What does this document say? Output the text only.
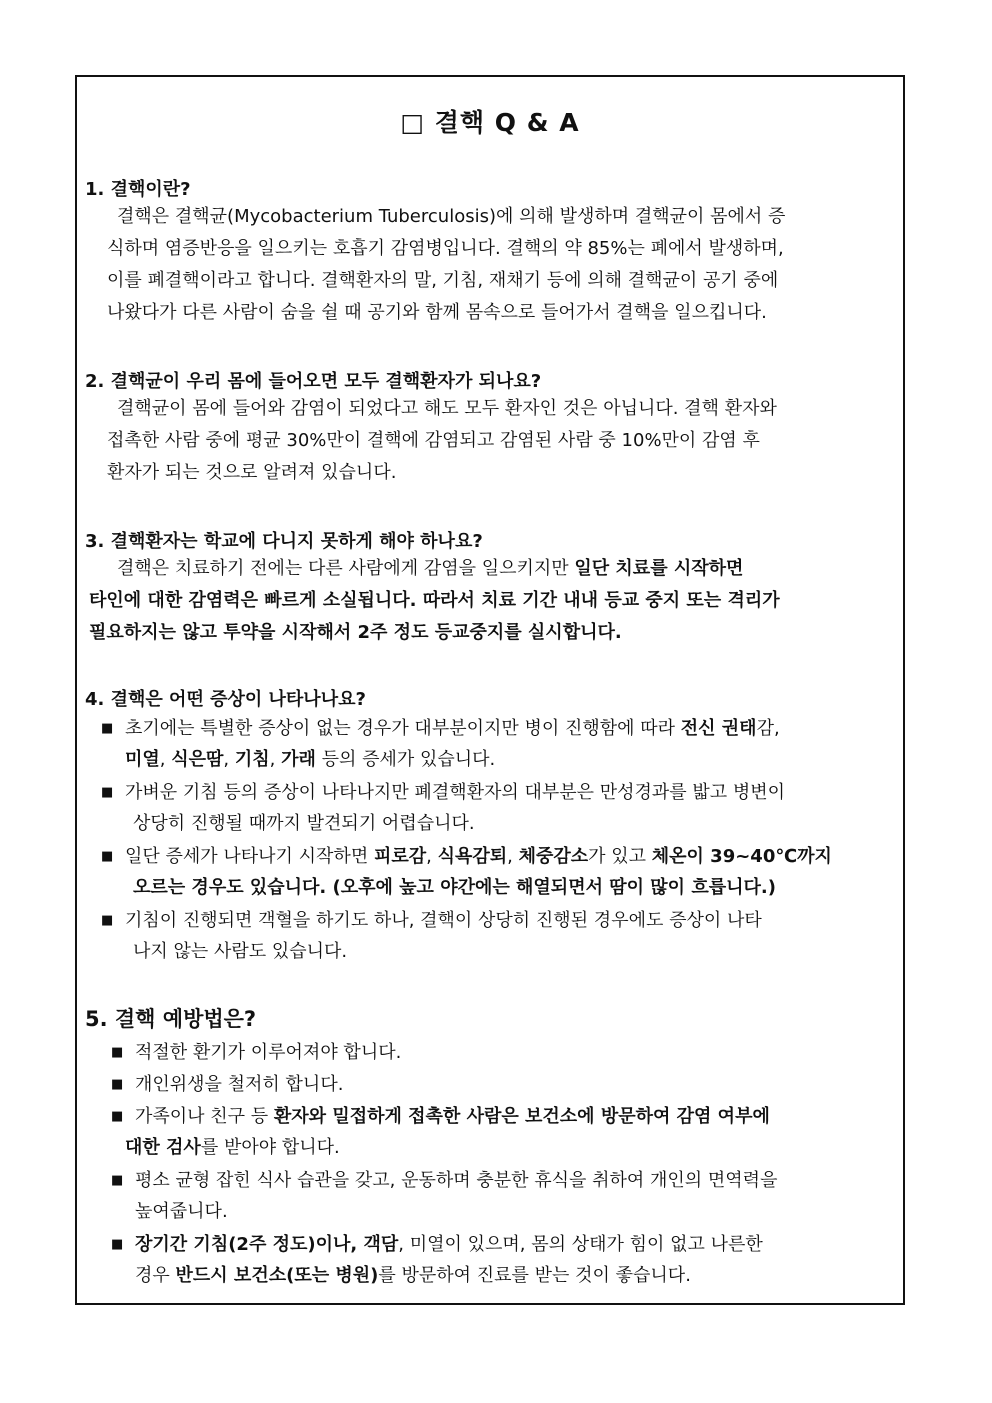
□ 결핵 Q & A
1. 결핵이란?
결핵은 결핵균(Mycobacterium Tuberculosis)에 의해 발생하며 결핵균이 몸에서 증
식하며 염증반응을 일으키는 호흡기 감염병입니다. 결핵의 약 85%는 폐에서 발생하며,
이를 폐결핵이라고 합니다. 결핵환자의 말, 기침, 재채기 등에 의해 결핵균이 공기 중에
나왔다가 다른 사람이 숨을 쉴 때 공기와 함께 몸속으로 들어가서 결핵을 일으킵니다.
2. 결핵균이 우리 몸에 들어오면 모두 결핵환자가 되나요?
결핵균이 몸에 들어와 감염이 되었다고 해도 모두 환자인 것은 아닙니다. 결핵 환자와
접촉한 사람 중에 평균 30%만이 결핵에 감염되고 감염된 사람 중 10%만이 감염 후
환자가 되는 것으로 알려져 있습니다.
3. 결핵환자는 학교에 다니지 못하게 해야 하나요?
결핵은 치료하기 전에는 다른 사람에게 감염을 일으키지만 일단 치료를 시작하면
타인에 대한 감염력은 빠르게 소실됩니다. 따라서 치료 기간 내내 등교 중지 또는 격리가
필요하지는 않고 투약을 시작해서 2주 정도 등교중지를 실시합니다.
4. 결핵은 어떤 증상이 나타나나요?
■ 초기에는 특별한 증상이 없는 경우가 대부분이지만 병이 진행함에 따라 전신 권태감,
미열, 식은땀, 기침, 가래 등의 증세가 있습니다.
■ 가벼운 기침 등의 증상이 나타나지만 폐결핵환자의 대부분은 만성경과를 밟고 병변이
상당히 진행될 때까지 발견되기 어렵습니다.
■ 일단 증세가 나타나기 시작하면 피로감, 식욕감퇴, 체중감소가 있고 체온이 39~40℃까지
오르는 경우도 있습니다. (오후에 높고 야간에는 해열되면서 땀이 많이 흐릅니다.)
■ 기침이 진행되면 객혈을 하기도 하나, 결핵이 상당히 진행된 경우에도 증상이 나타
나지 않는 사람도 있습니다.
5. 결핵 예방법은?
■ 적절한 환기가 이루어져야 합니다.
■ 개인위생을 철저히 합니다.
■ 가족이나 친구 등 환자와 밀접하게 접촉한 사람은 보건소에 방문하여 감염 여부에
대한 검사를 받아야 합니다.
■ 평소 균형 잡힌 식사 습관을 갖고, 운동하며 충분한 휴식을 취하여 개인의 면역력을
높여줍니다.
■ 장기간 기침(2주 정도)이나, 객담, 미열이 있으며, 몸의 상태가 힘이 없고 나른한
경우 반드시 보건소(또는 병원)를 방문하여 진료를 받는 것이 좋습니다.
